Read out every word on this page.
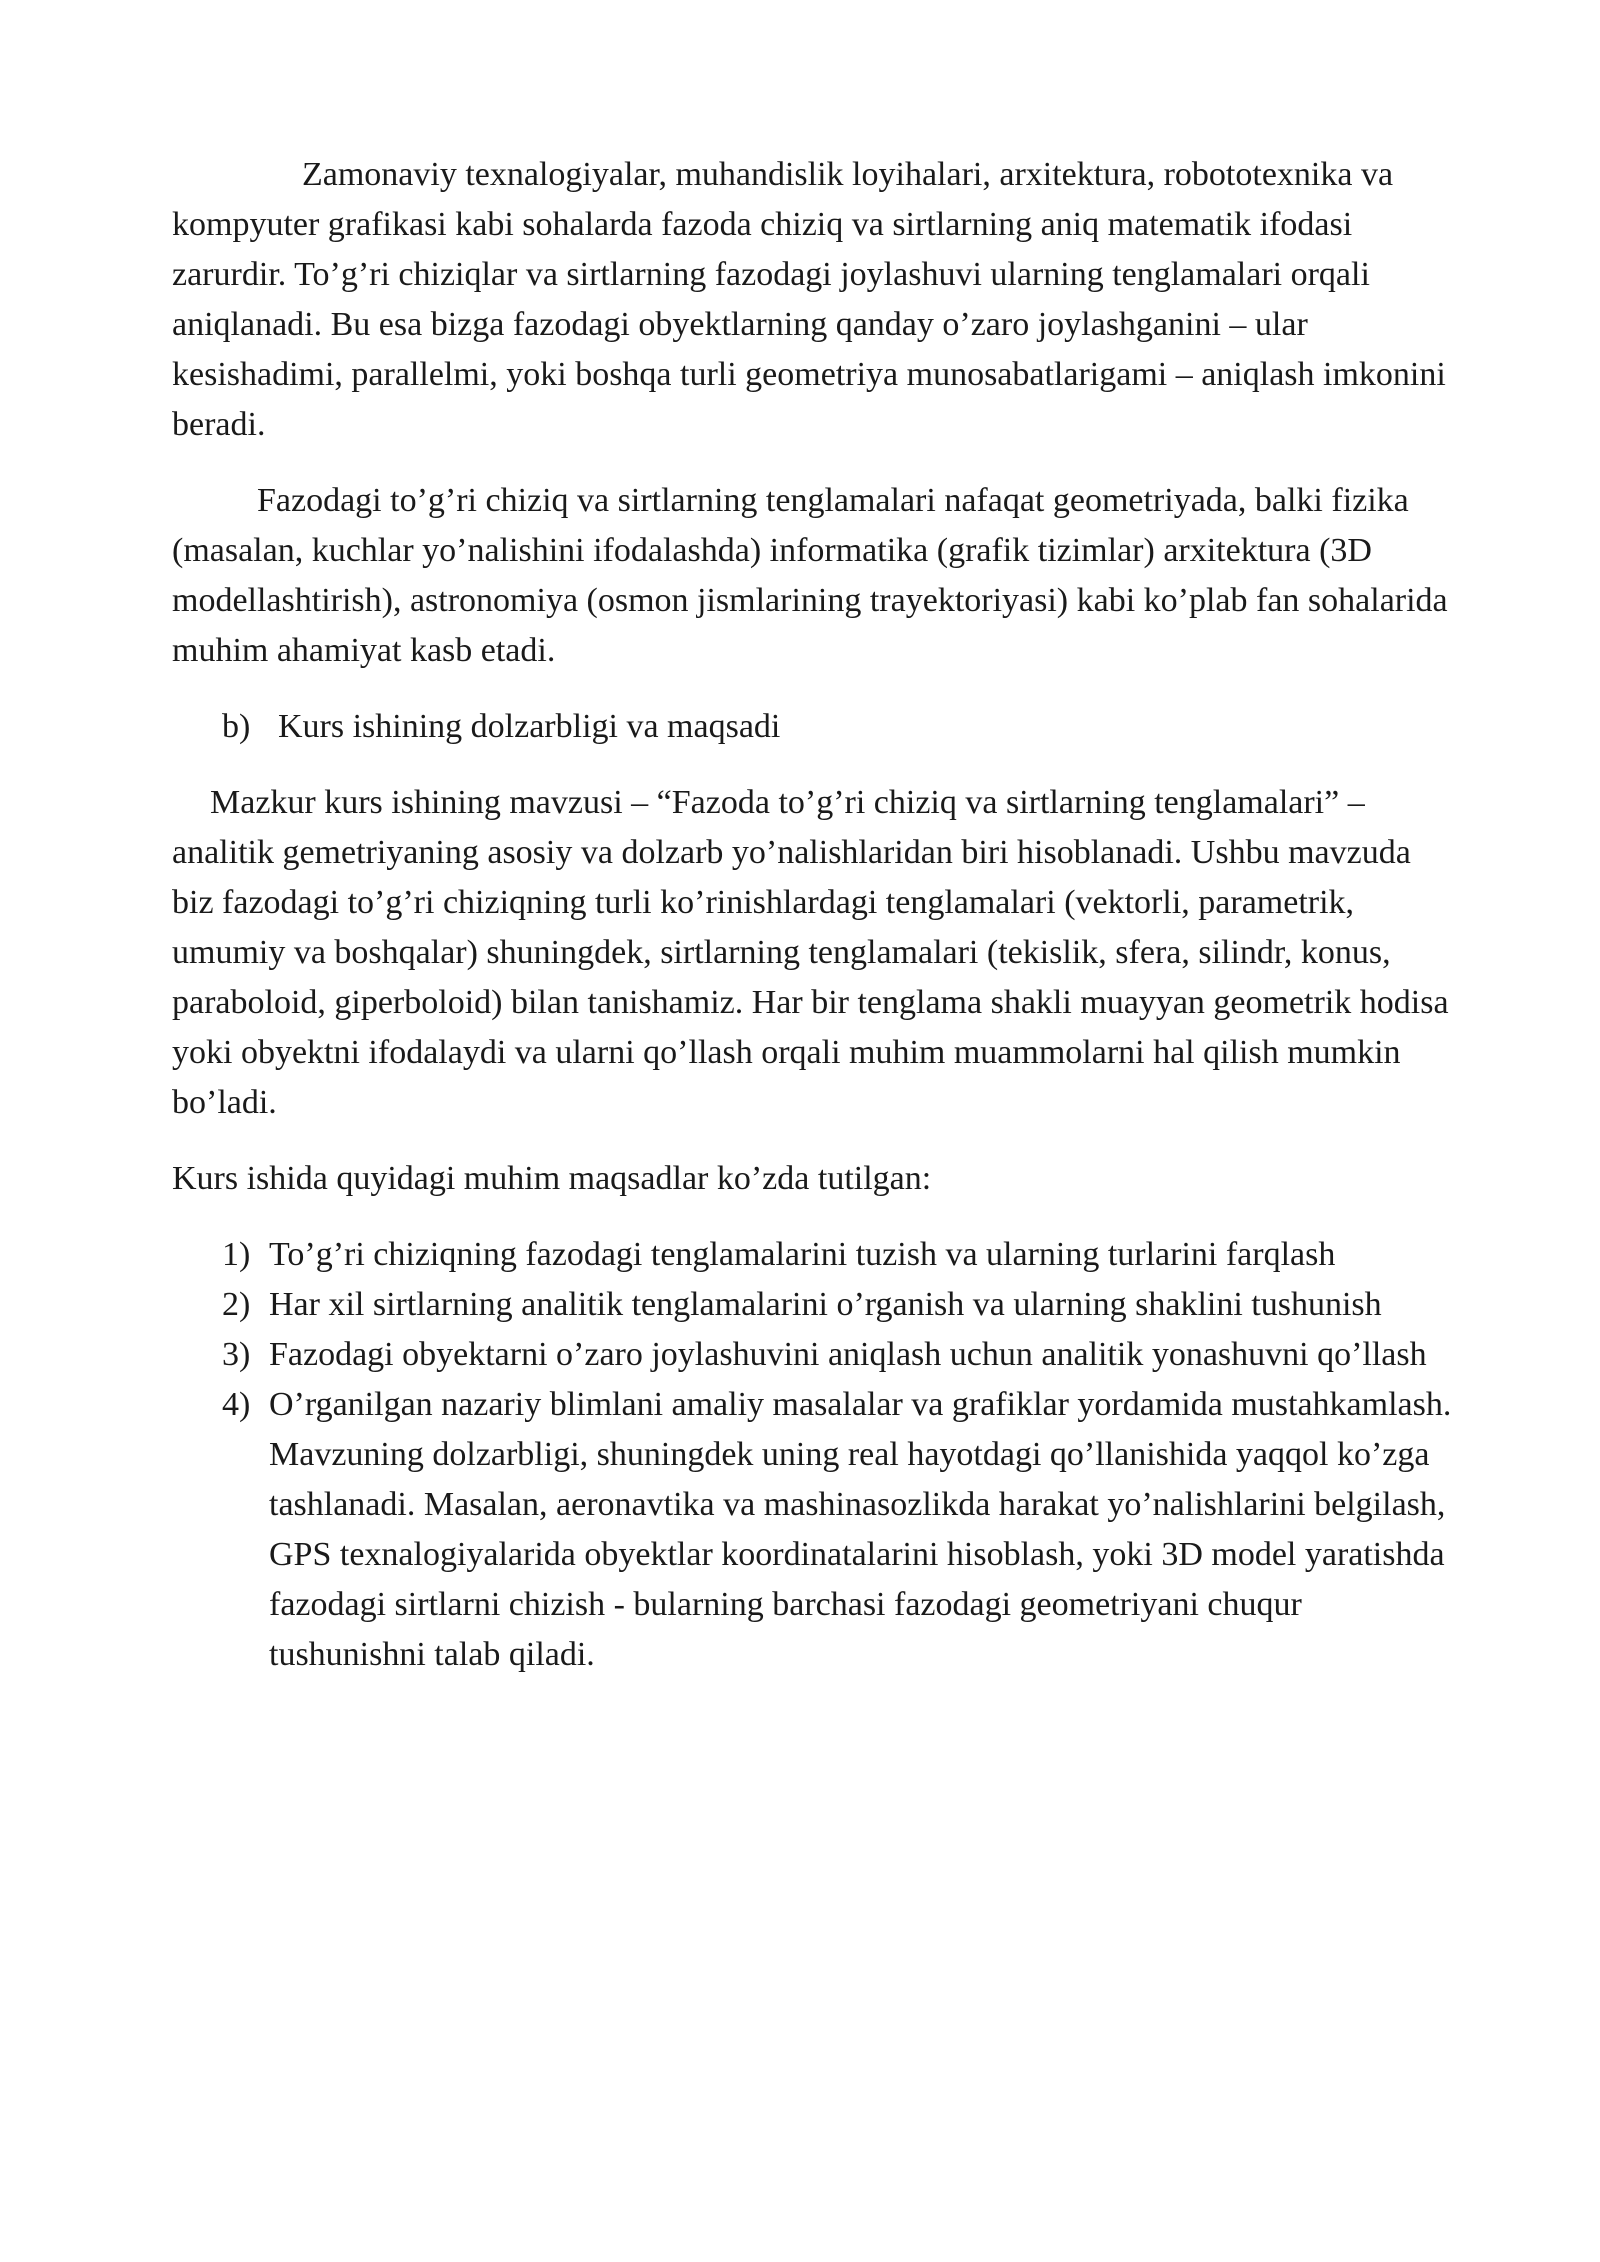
Zamonaviy texnalogiyalar, muhandislik loyihalari, arxitektura, robototexnika va kompyuter grafikasi kabi sohalarda fazoda chiziq va sirtlarning aniq matematik ifodasi zarurdir. To’g’ri chiziqlar va sirtlarning fazodagi joylashuvi ularning tenglamalari orqali aniqlanadi. Bu esa bizga fazodagi obyektlarning qanday o’zaro joylashganini – ular kesishadimi, parallelmi, yoki boshqa turli geometriya munosabatlarigami – aniqlash imkonini beradi.

Fazodagi to’g’ri chiziq va sirtlarning tenglamalari nafaqat geometriyada, balki fizika (masalan, kuchlar yo’nalishini ifodalashda) informatika (grafik tizimlar) arxitektura (3D modellashtirish), astronomiya (osmon jismlarining trayektoriyasi) kabi ko’plab fan sohalarida muhim ahamiyat kasb etadi.

b) Kurs ishining dolzarbligi va maqsadi

Mazkur kurs ishining mavzusi – “Fazoda to’g’ri chiziq va sirtlarning tenglamalari” – analitik gemetriyaning asosiy va dolzarb yo’nalishlaridan biri hisoblanadi. Ushbu mavzuda biz fazodagi to’g’ri chiziqning turli ko’rinishlardagi tenglamalari (vektorli, parametrik, umumiy va boshqalar) shuningdek, sirtlarning tenglamalari (tekislik, sfera, silindr, konus, paraboloid, giperboloid) bilan tanishamiz. Har bir tenglama shakli muayyan geometrik hodisa yoki obyektni ifodalaydi va ularni qo’llash orqali muhim muammolarni hal qilish mumkin bo’ladi.

Kurs ishida quyidagi muhim maqsadlar ko’zda tutilgan:

1) To’g’ri chiziqning fazodagi tenglamalarini tuzish va ularning turlarini farqlash
2) Har xil sirtlarning analitik tenglamalarini o’rganish va ularning shaklini tushunish
3) Fazodagi obyektarni o’zaro joylashuvini aniqlash uchun analitik yonashuvni qo’llash
4) O’rganilgan nazariy blimlani amaliy masalalar va grafiklar yordamida mustahkamlash.

Mavzuning dolzarbligi, shuningdek uning real hayotdagi qo’llanishida yaqqol ko’zga tashlanadi. Masalan, aeronavtika va mashinasozlikda harakat yo’nalishlarini belgilash, GPS texnalogiyalarida obyektlar koordinatalarini hisoblash, yoki 3D model yaratishda fazodagi sirtlarni chizish - bularning barchasi fazodagi geometriyani chuqur tushunishni talab qiladi.
